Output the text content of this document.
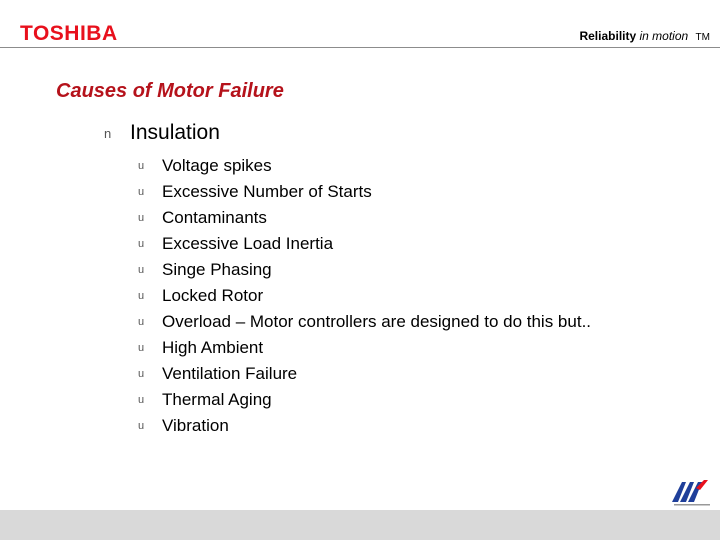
TOSHIBA	Reliability in motion TM
Causes of Motor Failure
n Insulation
u	Voltage spikes
u	Excessive Number of Starts
u	Contaminants
u	Excessive Load Inertia
u	Singe Phasing
u	Locked Rotor
u	Overload – Motor controllers are designed to do this but..
u	High Ambient
u	Ventilation Failure
u	Thermal Aging
u	Vibration
